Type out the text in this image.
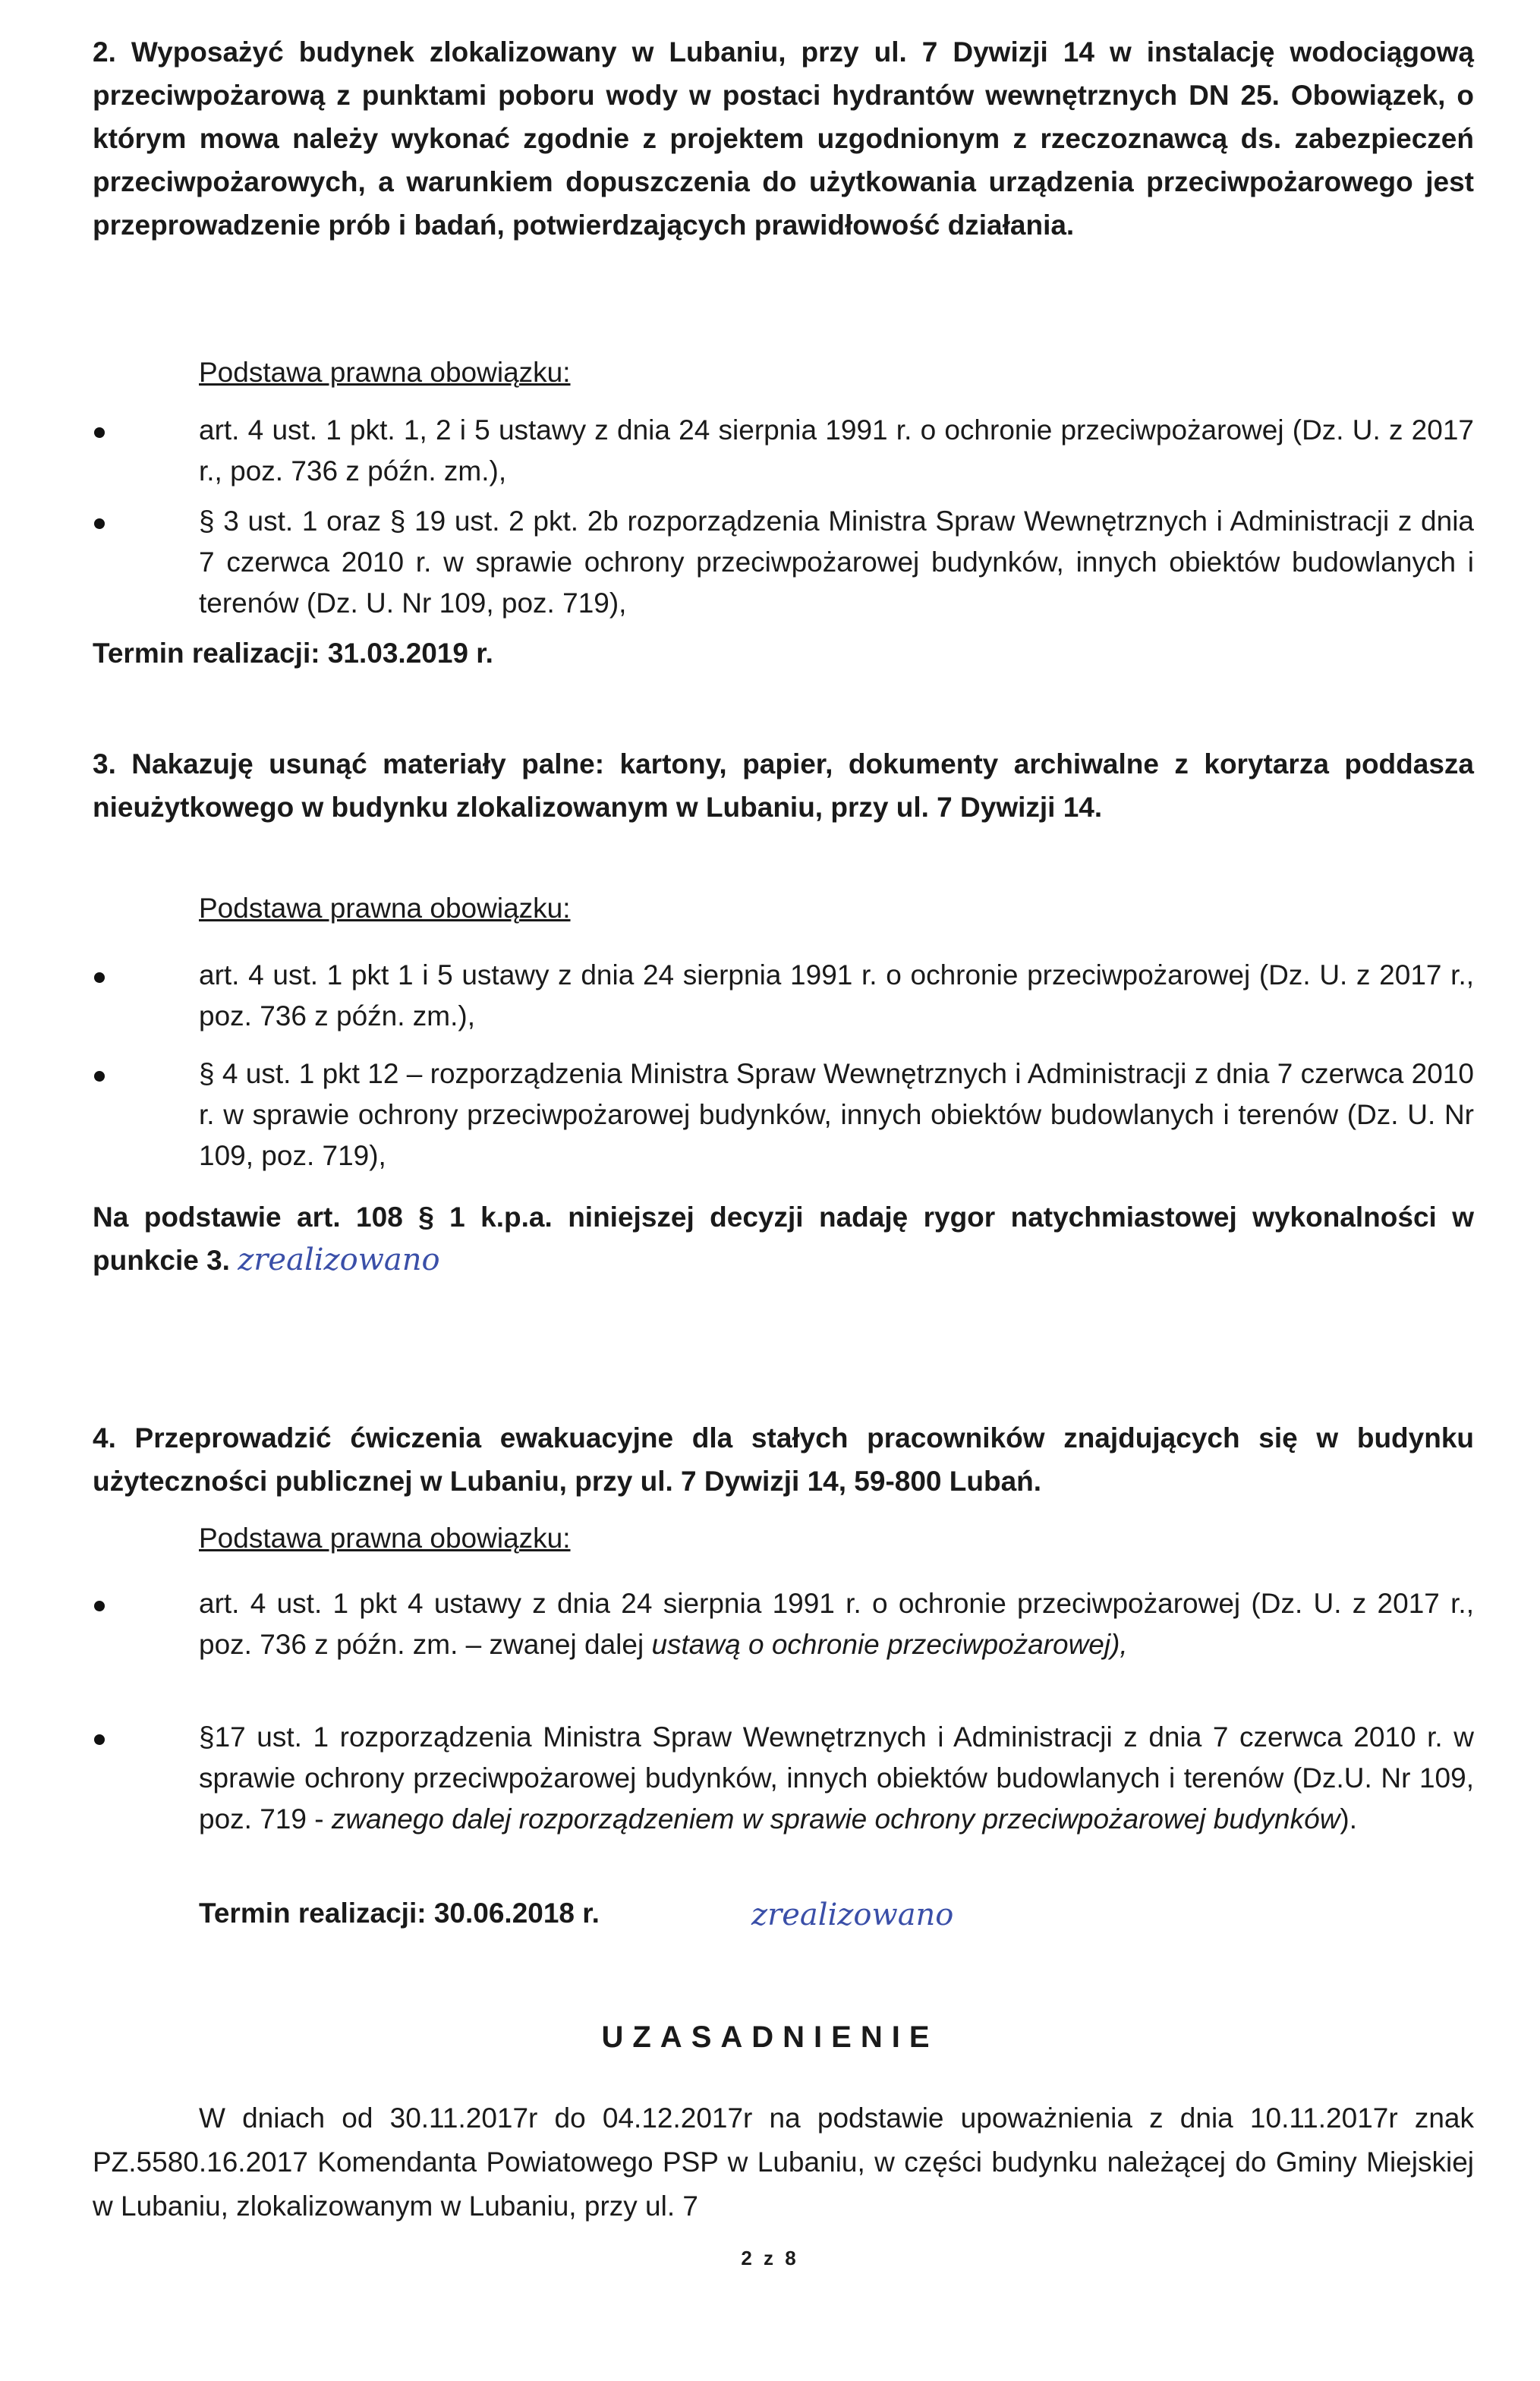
2. Wyposażyć budynek zlokalizowany w Lubaniu, przy ul. 7 Dywizji 14 w instalację wodociągową przeciwpożarową z punktami poboru wody w postaci hydrantów wewnętrznych DN 25. Obowiązek, o którym mowa należy wykonać zgodnie z projektem uzgodnionym z rzeczoznawcą ds. zabezpieczeń przeciwpożarowych, a warunkiem dopuszczenia do użytkowania urządzenia przeciwpożarowego jest przeprowadzenie prób i badań, potwierdzających prawidłowość działania.

Podstawa prawna obowiązku:

art. 4 ust. 1 pkt. 1, 2 i 5 ustawy z dnia 24 sierpnia 1991 r. o ochronie przeciwpożarowej (Dz. U. z 2017 r., poz. 736 z późn. zm.),
§ 3 ust. 1 oraz § 19 ust. 2 pkt. 2b rozporządzenia Ministra Spraw Wewnętrznych i Administracji z dnia 7 czerwca 2010 r. w sprawie ochrony przeciwpożarowej budynków, innych obiektów budowlanych i terenów (Dz. U. Nr 109, poz. 719),

Termin realizacji: 31.03.2019 r.

3. Nakazuję usunąć materiały palne: kartony, papier, dokumenty archiwalne z korytarza poddasza nieużytkowego w budynku zlokalizowanym w Lubaniu, przy ul. 7 Dywizji 14.

Podstawa prawna obowiązku:

art. 4 ust. 1 pkt 1 i 5 ustawy z dnia 24 sierpnia 1991 r. o ochronie przeciwpożarowej (Dz. U. z 2017 r., poz. 736 z późn. zm.),
§ 4 ust. 1 pkt 12 – rozporządzenia Ministra Spraw Wewnętrznych i Administracji z dnia 7 czerwca 2010 r. w sprawie ochrony przeciwpożarowej budynków, innych obiektów budowlanych i terenów (Dz. U. Nr 109, poz. 719),

Na podstawie art. 108 § 1 k.p.a. niniejszej decyzji nadaję rygor natychmiastowej wykonalności w punkcie 3. zrealizowano

4. Przeprowadzić ćwiczenia ewakuacyjne dla stałych pracowników znajdujących się w budynku użyteczności publicznej w Lubaniu, przy ul. 7 Dywizji 14, 59-800 Lubań.

Podstawa prawna obowiązku:

art. 4 ust. 1 pkt 4 ustawy z dnia 24 sierpnia 1991 r. o ochronie przeciwpożarowej (Dz. U. z 2017 r., poz. 736 z późn. zm. – zwanej dalej ustawą o ochronie przeciwpożarowej),
§17 ust. 1 rozporządzenia Ministra Spraw Wewnętrznych i Administracji z dnia 7 czerwca 2010 r. w sprawie ochrony przeciwpożarowej budynków, innych obiektów budowlanych i terenów (Dz.U. Nr 109, poz. 719 - zwanego dalej rozporządzeniem w sprawie ochrony przeciwpożarowej budynków).

Termin realizacji: 30.06.2018 r.	zrealizowano

UZASADNIENIE

W dniach od 30.11.2017r do 04.12.2017r na podstawie upoważnienia z dnia 10.11.2017r znak PZ.5580.16.2017 Komendanta Powiatowego PSP w Lubaniu, w części budynku należącej do Gminy Miejskiej w Lubaniu, zlokalizowanym w Lubaniu, przy ul. 7

2 z 8
